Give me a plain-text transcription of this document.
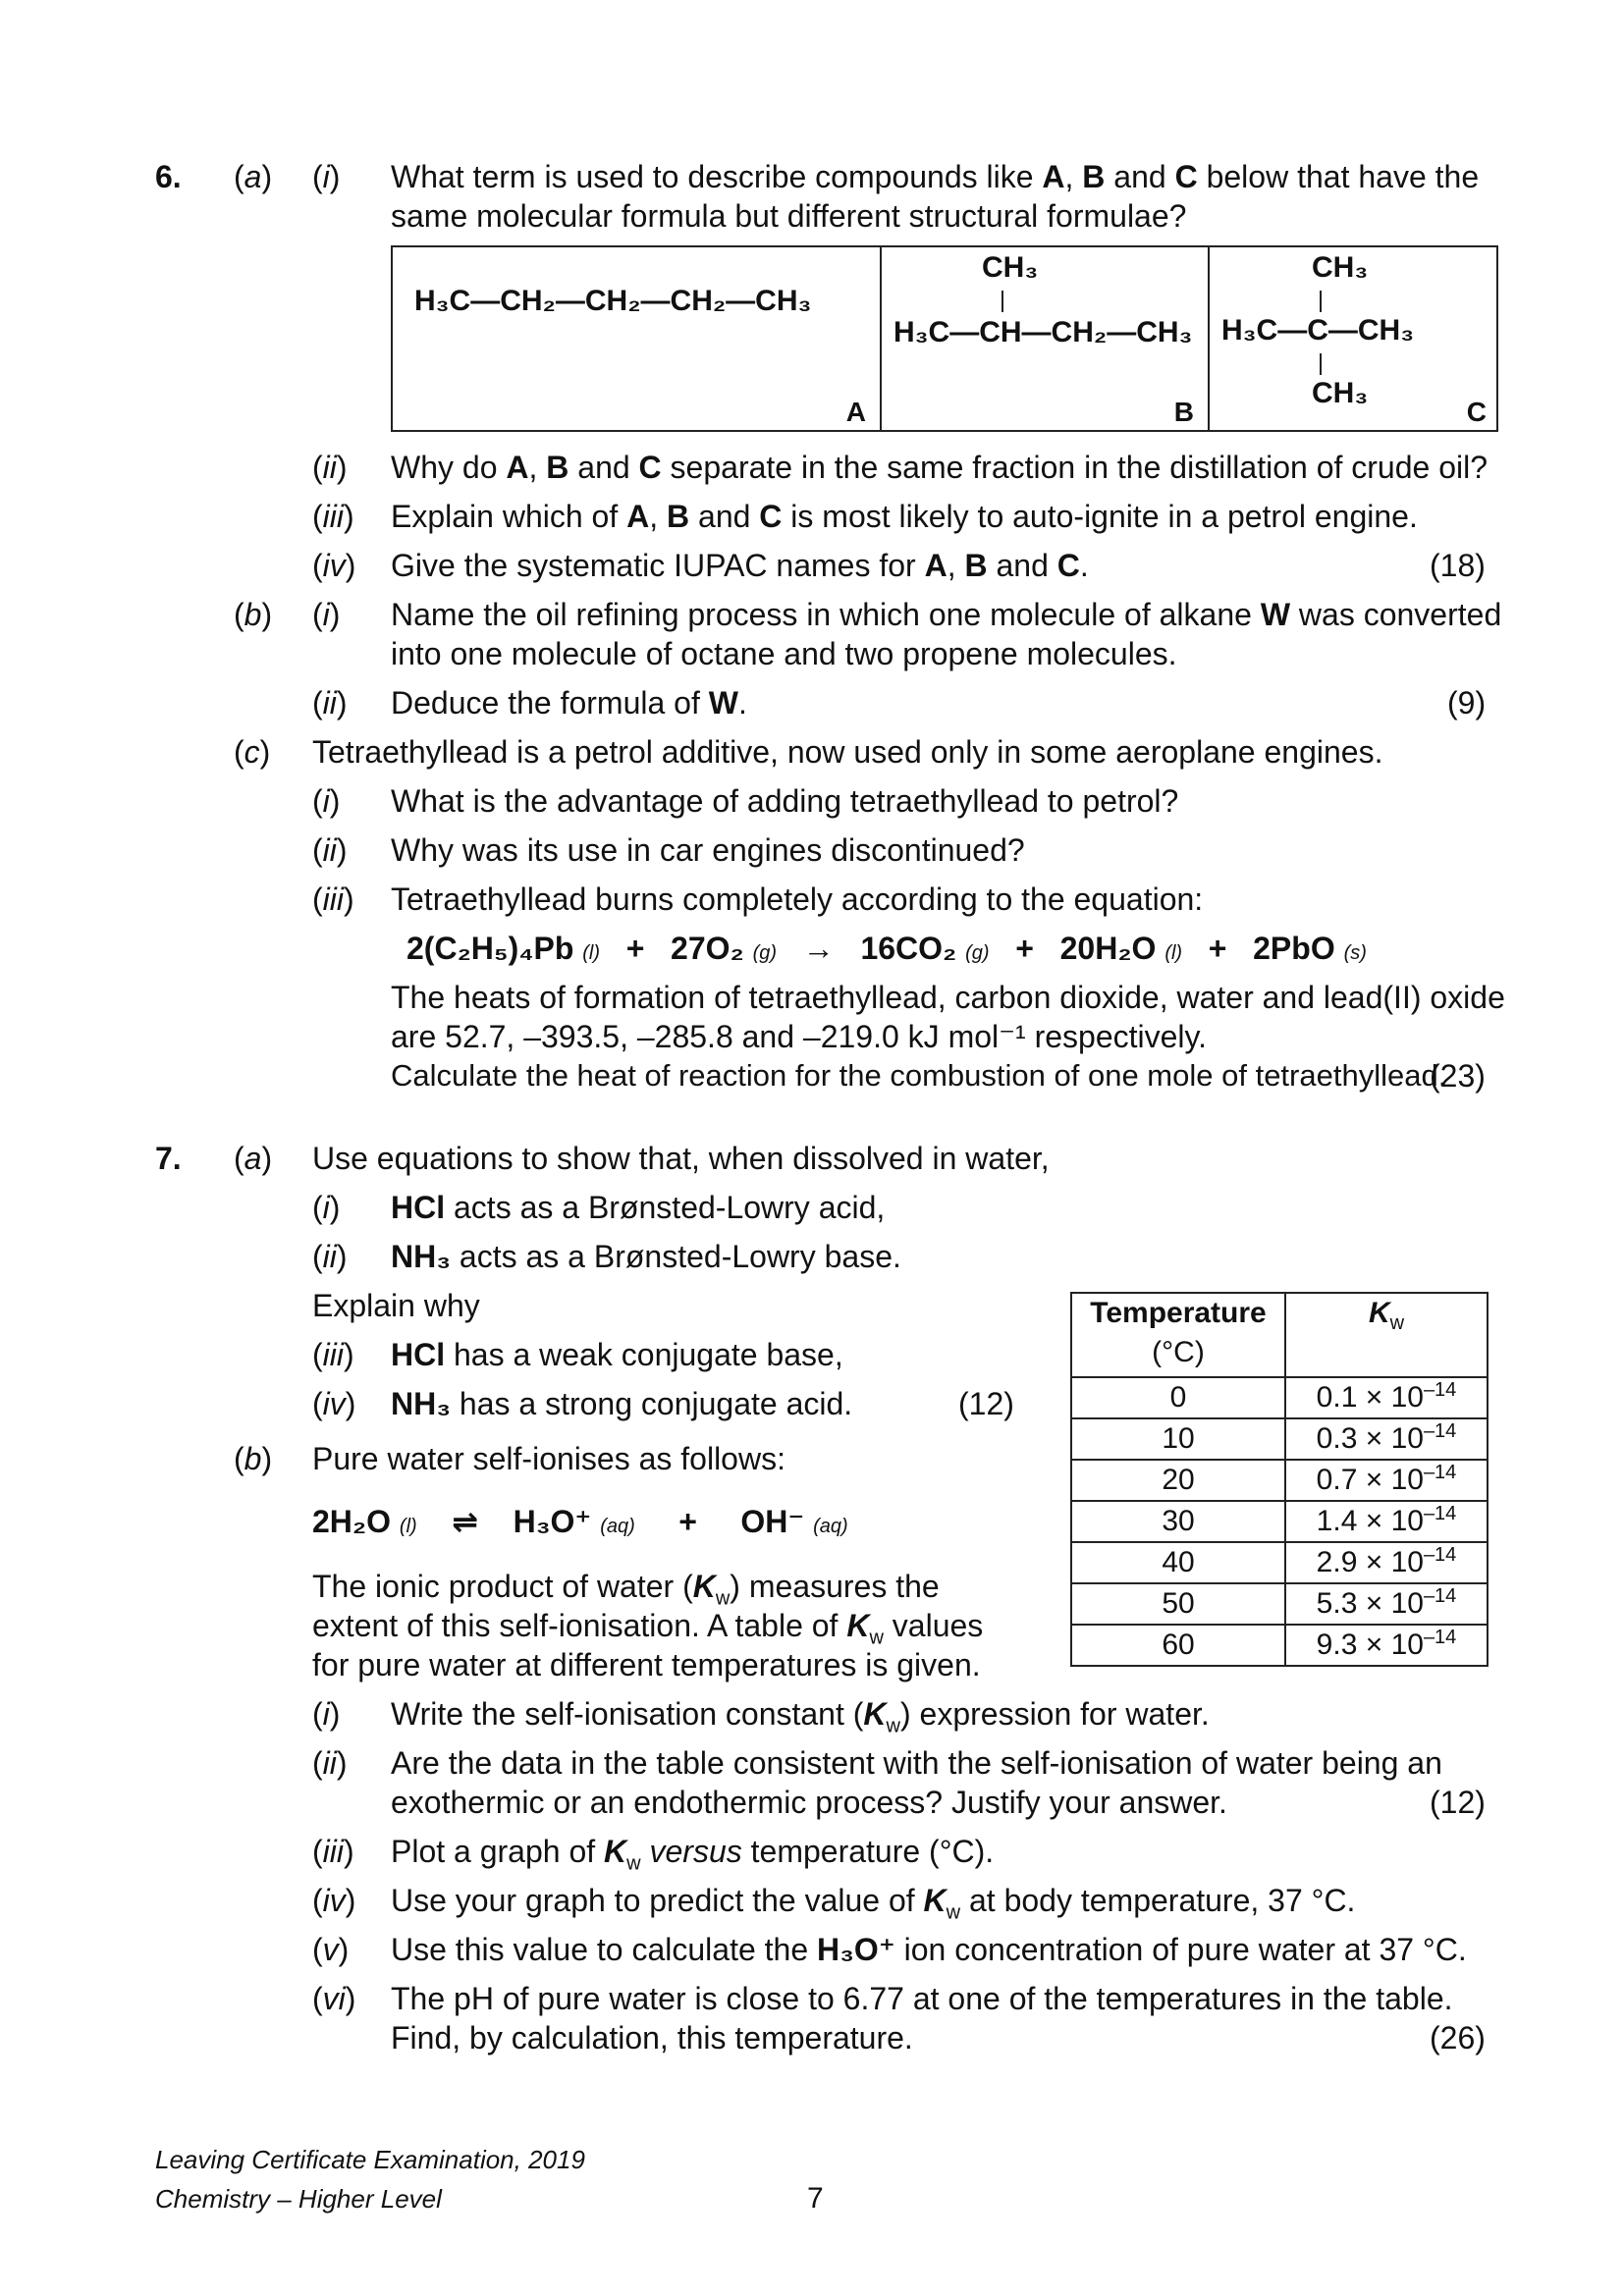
6. (a) (i) What term is used to describe compounds like A, B and C below that have the
same molecular formula but different structural formulae?
H₃C—CH₂—CH₂—CH₂—CH₃
A
CH₃
H₃C—CH—CH₂—CH₃
B
CH₃
H₃C—C—CH₃
CH₃
C
(ii) Why do A, B and C separate in the same fraction in the distillation of crude oil?
(iii) Explain which of A, B and C is most likely to auto-ignite in a petrol engine.
(iv) Give the systematic IUPAC names for A, B and C.	(18)
(b) (i) Name the oil refining process in which one molecule of alkane W was converted
into one molecule of octane and two propene molecules.
(ii) Deduce the formula of W.	(9)
(c) Tetraethyllead is a petrol additive, now used only in some aeroplane engines.
(i) What is the advantage of adding tetraethyllead to petrol?
(ii) Why was its use in car engines discontinued?
(iii) Tetraethyllead burns completely according to the equation:
2(C₂H₅)₄Pb (l) + 27O₂ (g) → 16CO₂ (g) + 20H₂O (l) + 2PbO (s)
The heats of formation of tetraethyllead, carbon dioxide, water and lead(II) oxide
are 52.7, –393.5, –285.8 and –219.0 kJ mol⁻¹ respectively.
Calculate the heat of reaction for the combustion of one mole of tetraethyllead.
(23)
7. (a) Use equations to show that, when dissolved in water,
(i) HCl acts as a Brønsted-Lowry acid,
(ii) NH₃ acts as a Brønsted-Lowry base.
Explain why
(iii) HCl has a weak conjugate base,
(iv) NH₃ has a strong conjugate acid.	(12)
(b) Pure water self-ionises as follows:
2H₂O (l) ⇌ H₃O⁺ (aq) + OH⁻ (aq)
The ionic product of water $(K_w)$ measures the
extent of this self-ionisation. A table of $K_w$ values
for pure water at different temperatures is given.
Temperature
(°C)	$K_w$
0	$0.1 \times 10^{-14}$
10	$0.3 \times 10^{-14}$
20	$0.7 \times 10^{-14}$
30	$1.4 \times 10^{-14}$
40	$2.9 \times 10^{-14}$
50	$5.3 \times 10^{-14}$
60	$9.3 \times 10^{-14}$
(i) Write the self-ionisation constant $(K_w)$ expression for water.
(ii) Are the data in the table consistent with the self-ionisation of water being an
exothermic or an endothermic process? Justify your answer.	(12)
(iii) Plot a graph of $K_w$ versus temperature (°C).
(iv) Use your graph to predict the value of $K_w$ at body temperature, 37 °C.
(v) Use this value to calculate the H₃O⁺ ion concentration of pure water at 37 °C.
(vi) The pH of pure water is close to 6.77 at one of the temperatures in the table.
Find, by calculation, this temperature.	(26)
Leaving Certificate Examination, 2019
Chemistry – Higher Level	7
